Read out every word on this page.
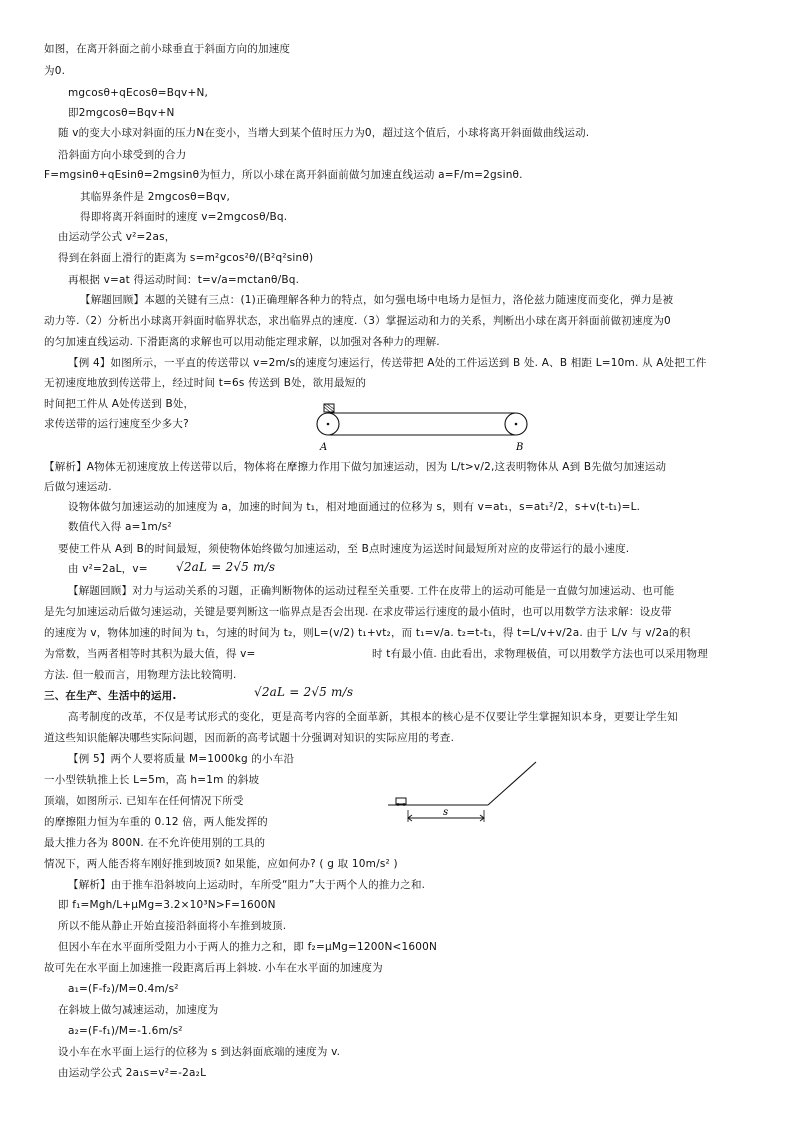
如图，在离开斜面之前小球垂直于斜面方向的加速度
为0.
mgcosθ+qEcosθ=Bqv+N,
即2mgcosθ=Bqv+N
随 v的变大小球对斜面的压力N在变小，当增大到某个值时压力为0，超过这个值后，小球将离开斜面做曲线运动.
沿斜面方向小球受到的合力
F=mgsinθ+qEsinθ=2mgsinθ为恒力，所以小球在离开斜面前做匀加速直线运动 a=F/m=2gsinθ.
其临界条件是 2mgcosθ=Bqv,
得即将离开斜面时的速度 v=2mgcosθ/Bq.
由运动学公式 v²=2as，
得到在斜面上滑行的距离为 s=m²gcos²θ/(B²q²sinθ)
再根据 v=at 得运动时间：t=v/a=mctanθ/Bq.
【解题回顾】本题的关键有三点：(1)正确理解各种力的特点，如匀强电场中电场力是恒力，洛伦兹力随速度而变化，弹力是被
动力等.（2）分析出小球离开斜面时临界状态，求出临界点的速度.（3）掌握运动和力的关系，判断出小球在离开斜面前做初速度为0
的匀加速直线运动. 下滑距离的求解也可以用动能定理求解，以加强对各种力的理解.
【例 4】如图所示，一平直的传送带以 v=2m/s的速度匀速运行，传送带把 A处的工件运送到 B 处. A、B 相距 L=10m. 从 A处把工件
无初速度地放到传送带上，经过时间 t=6s 传送到 B处，欲用最短的
时间把工件从 A处传送到 B处，
求传送带的运行速度至少多大?
A	B
【解析】A物体无初速度放上传送带以后，物体将在摩擦力作用下做匀加速运动，因为 L/t>v/2,这表明物体从 A到 B先做匀加速运动
后做匀速运动.
设物体做匀加速运动的加速度为 a，加速的时间为 t₁，相对地面通过的位移为 s，则有 v=at₁，s=at₁²/2，s+v(t-t₁)=L.
数值代入得 a=1m/s²
要使工件从 A到 B的时间最短，须使物体始终做匀加速运动，至 B点时速度为运送时间最短所对应的皮带运行的最小速度.
由 v²=2aL，v= √2aL = 2√5 m/s
【解题回顾】对力与运动关系的习题，正确判断物体的运动过程至关重要. 工件在皮带上的运动可能是一直做匀加速运动、也可能
是先匀加速运动后做匀速运动，关键是要判断这一临界点是否会出现. 在求皮带运行速度的最小值时，也可以用数学方法求解：设皮带
的速度为 v，物体加速的时间为 t₁，匀速的时间为 t₂，则L=(v/2) t₁+vt₂，而 t₁=v/a. t₂=t-t₁，得 t=L/v+v/2a. 由于 L/v 与 v/2a的积
为常数，当两者相等时其积为最大值，得 v=	时 t有最小值. 由此看出，求物理极值，可以用数学方法也可以采用物理
方法. 但一般而言，用物理方法比较简明.
三、在生产、生活中的运用.	√2aL = 2√5 m/s
高考制度的改革，不仅是考试形式的变化，更是高考内容的全面革新，其根本的核心是不仅要让学生掌握知识本身，更要让学生知
道这些知识能解决哪些实际问题，因而新的高考试题十分强调对知识的实际应用的考查.
【例 5】两个人要将质量 M=1000kg 的小车沿
一小型铁轨推上长 L=5m，高 h=1m 的斜坡
顶端，如图所示. 已知车在任何情况下所受
的摩擦阻力恒为车重的 0.12 倍，两人能发挥的
最大推力各为 800N. 在不允许使用别的工具的
情况下，两人能否将车刚好推到坡顶? 如果能，应如何办? ( g 取 10m/s² )
s
【解析】由于推车沿斜坡向上运动时，车所受“阻力”大于两个人的推力之和.
即 f₁=Mgh/L+μMg=3.2×10³N>F=1600N
所以不能从静止开始直接沿斜面将小车推到坡顶.
但因小车在水平面所受阻力小于两人的推力之和，即 f₂=μMg=1200N<1600N
故可先在水平面上加速推一段距离后再上斜坡. 小车在水平面的加速度为
a₁=(F-f₂)/M=0.4m/s²
在斜坡上做匀减速运动，加速度为
a₂=(F-f₁)/M=-1.6m/s²
设小车在水平面上运行的位移为 s 到达斜面底端的速度为 v.
由运动学公式 2a₁s=v²=-2a₂L
